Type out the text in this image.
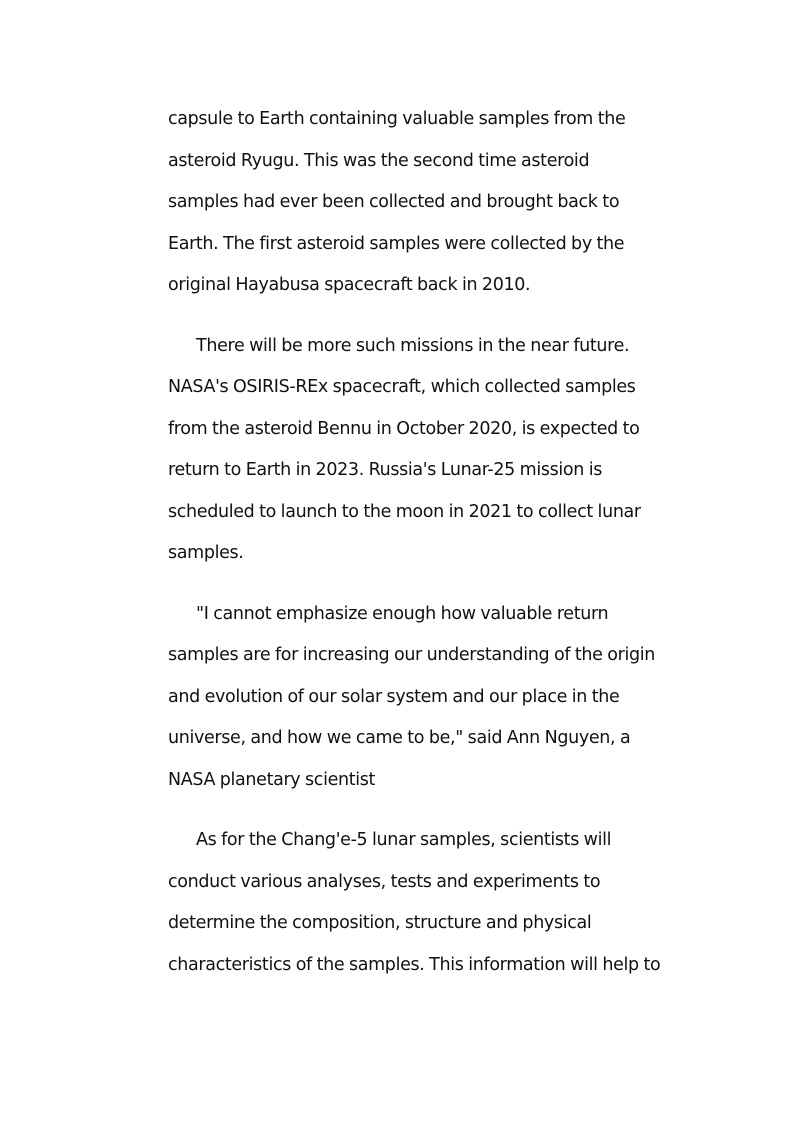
capsule to Earth containing valuable samples from the
asteroid Ryugu. This was the second time asteroid
samples had ever been collected and brought back to
Earth. The first asteroid samples were collected by the
original Hayabusa spacecraft back in 2010.

There will be more such missions in the near future.
NASA's OSIRIS-REx spacecraft, which collected samples
from the asteroid Bennu in October 2020, is expected to
return to Earth in 2023. Russia's Lunar-25 mission is
scheduled to launch to the moon in 2021 to collect lunar
samples.

"I cannot emphasize enough how valuable return
samples are for increasing our understanding of the origin
and evolution of our solar system and our place in the
universe, and how we came to be," said Ann Nguyen, a
NASA planetary scientist

As for the Chang'e-5 lunar samples, scientists will
conduct various analyses, tests and experiments to
determine the composition, structure and physical
characteristics of the samples. This information will help to
